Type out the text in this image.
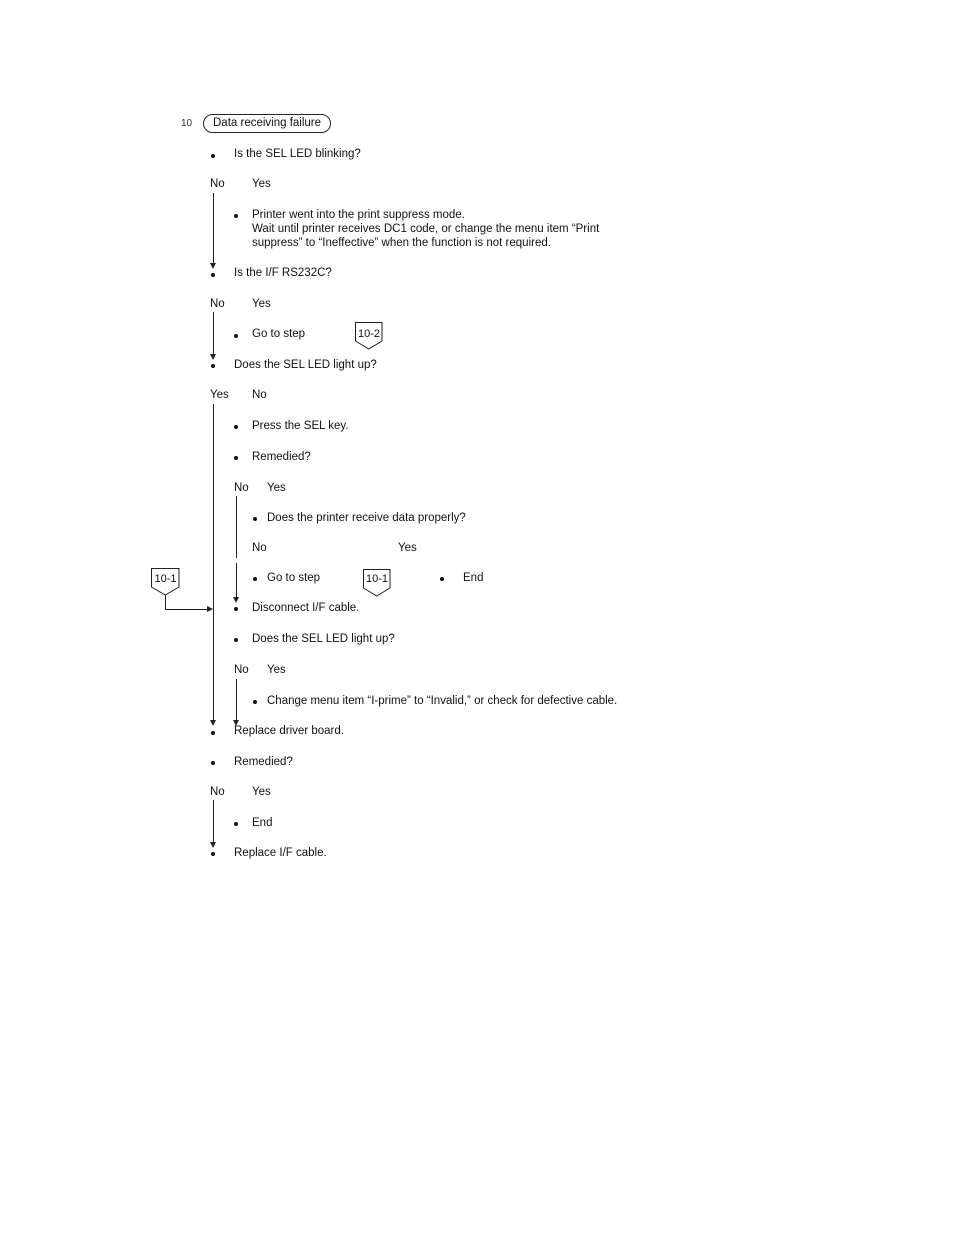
10	Data receiving failure
Is the SEL LED blinking?
No Yes
Printer went into the print suppress mode.
Wait until printer receives DC1 code, or change the menu item “Print
suppress” to “Ineffective” when the function is not required.
Is the I/F RS232C?
No Yes
Go to step	10-2
Does the SEL LED light up?
Yes No
Press the SEL key.
Remedied?
No Yes
Does the printer receive data properly?
No	Yes
Go to step	10-1	End
10-1
Disconnect I/F cable.
Does the SEL LED light up?
No Yes
Change menu item “I-prime” to “Invalid,” or check for defective cable.
Replace driver board.
Remedied?
No Yes
End
Replace I/F cable.
